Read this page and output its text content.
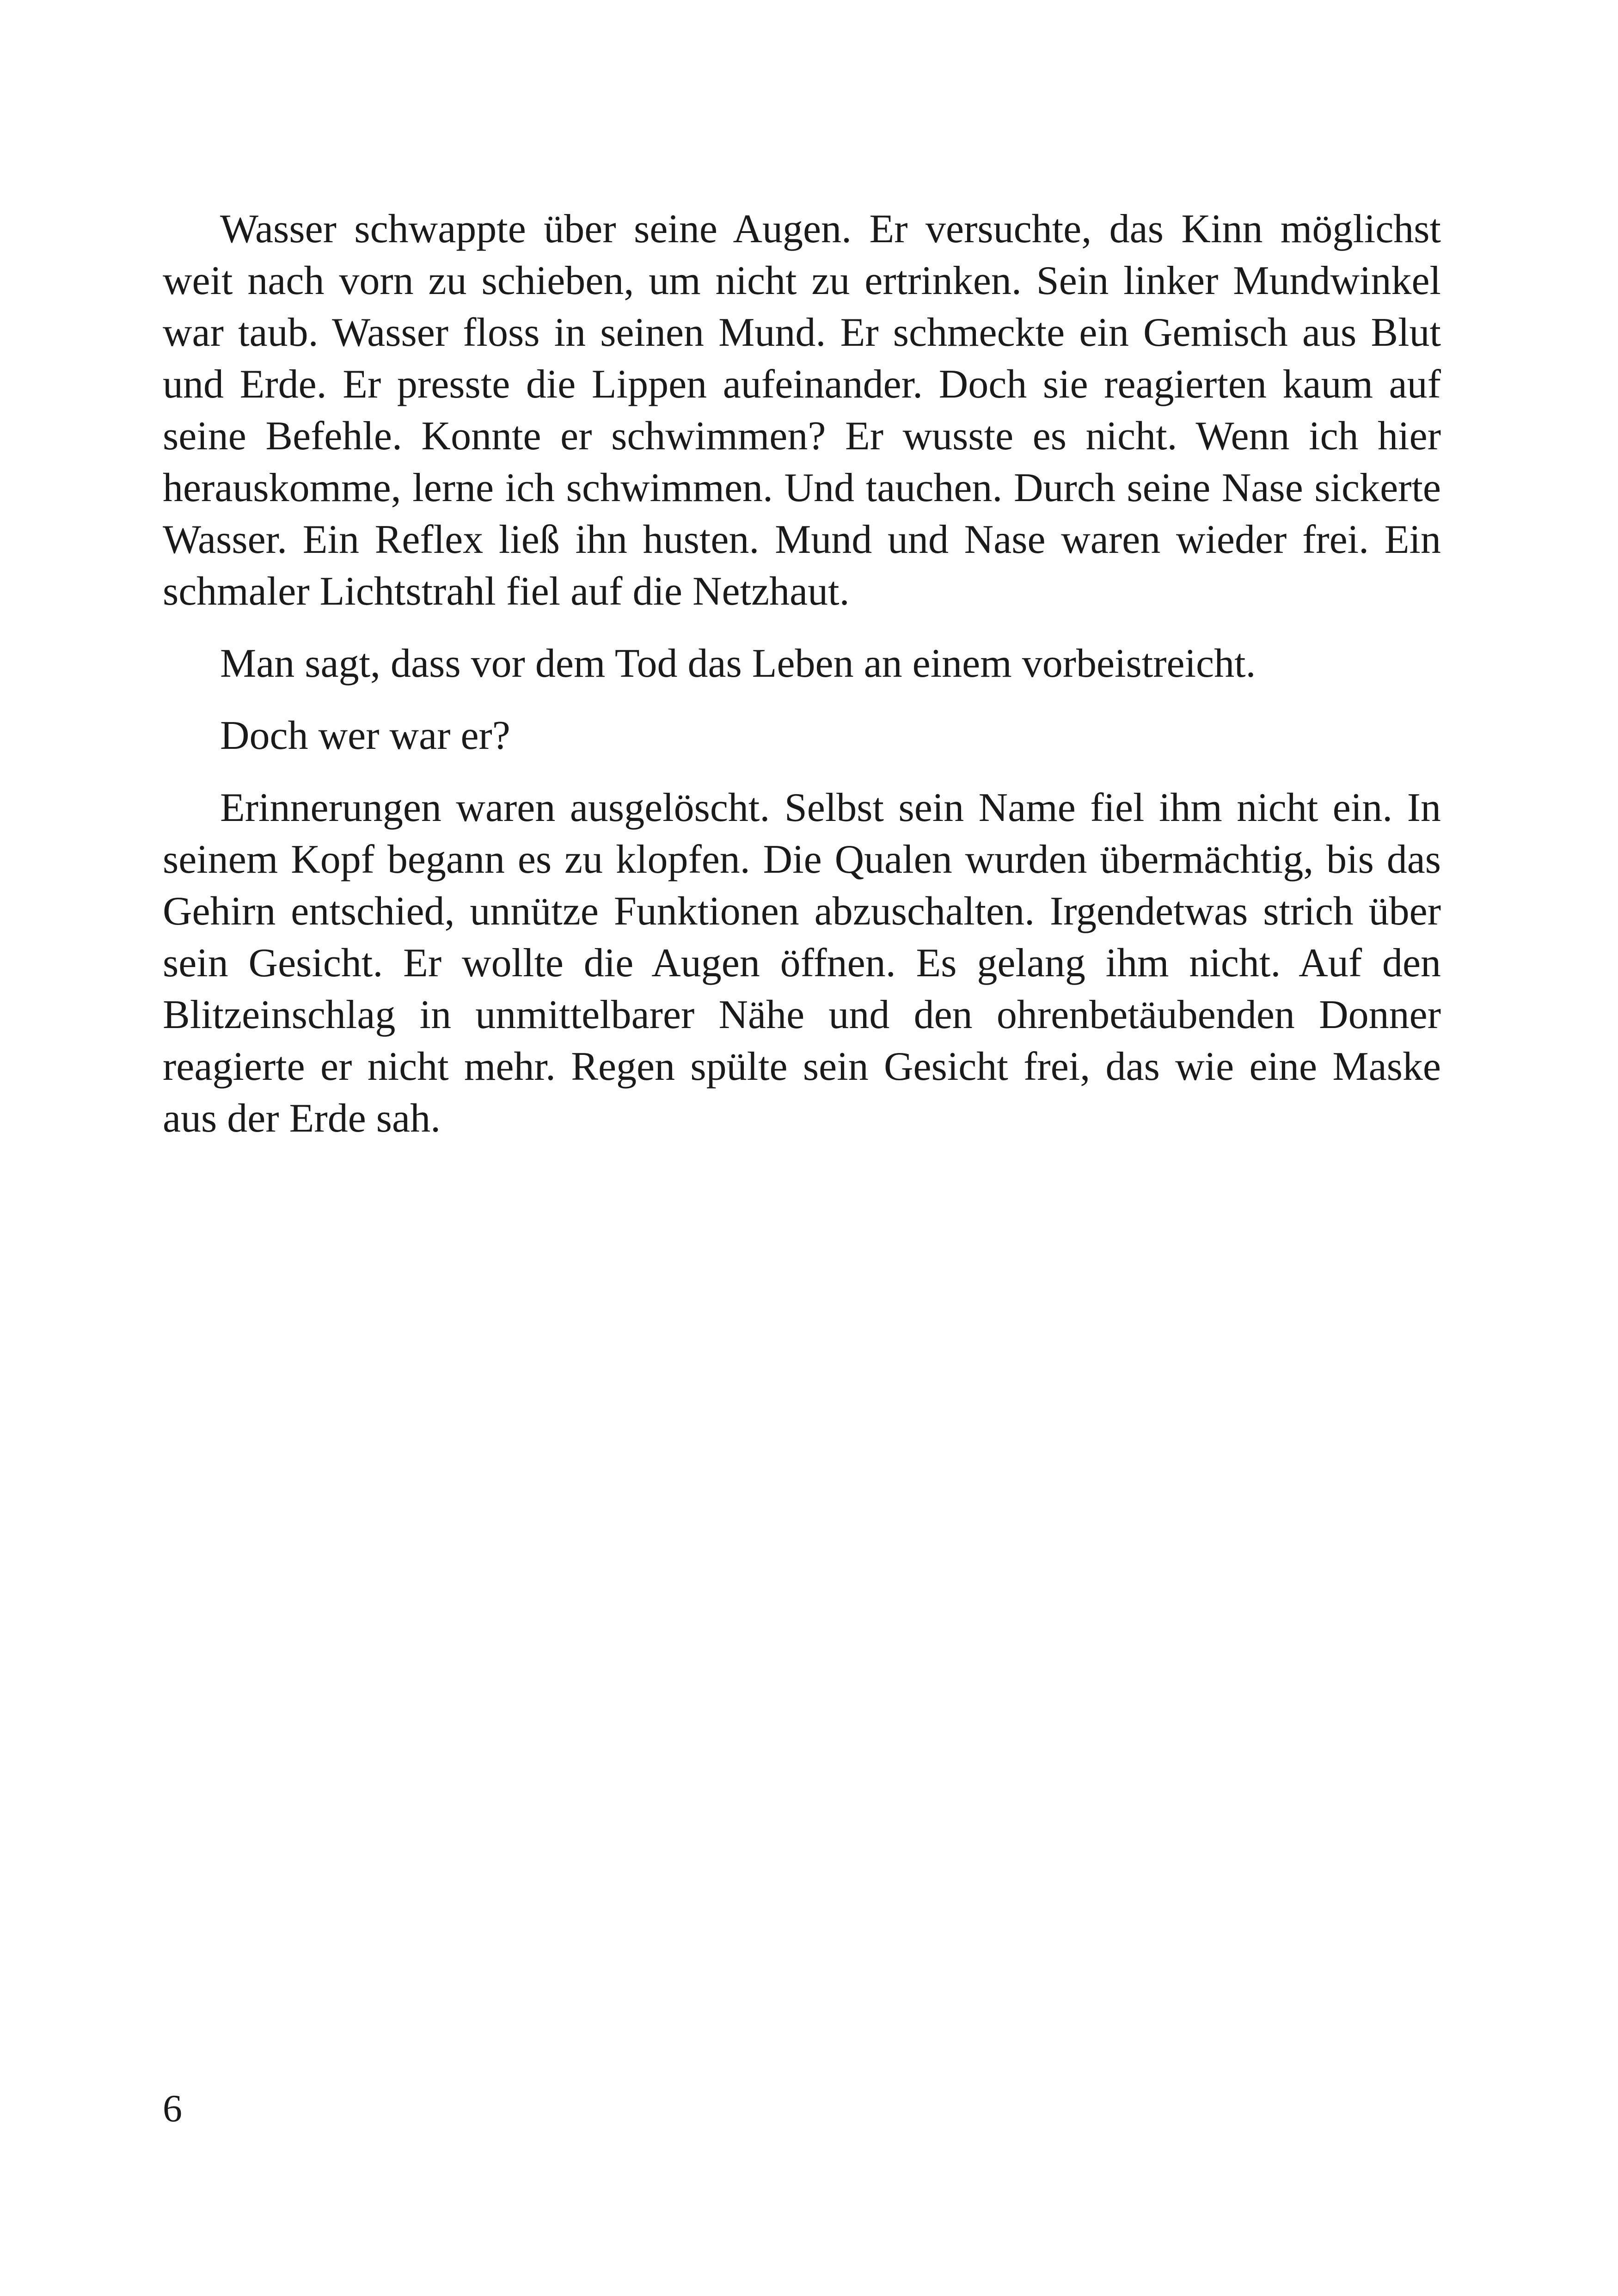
Wasser schwappte über seine Augen. Er versuchte, das Kinn möglichst weit nach vorn zu schieben, um nicht zu ertrinken. Sein linker Mundwinkel war taub. Wasser floss in seinen Mund. Er schmeckte ein Gemisch aus Blut und Erde. Er presste die Lippen aufeinander. Doch sie reagierten kaum auf seine Befehle. Konnte er schwimmen? Er wusste es nicht. Wenn ich hier herauskomme, lerne ich schwimmen. Und tauchen. Durch seine Nase sickerte Wasser. Ein Reflex ließ ihn husten. Mund und Nase waren wieder frei. Ein schmaler Lichtstrahl fiel auf die Netzhaut.

Man sagt, dass vor dem Tod das Leben an einem vorbeistreicht.

Doch wer war er?

Erinnerungen waren ausgelöscht. Selbst sein Name fiel ihm nicht ein. In seinem Kopf begann es zu klopfen. Die Qualen wurden übermächtig, bis das Gehirn entschied, unnütze Funktionen abzuschalten. Irgendetwas strich über sein Gesicht. Er wollte die Augen öffnen. Es gelang ihm nicht. Auf den Blitzeinschlag in unmittelbarer Nähe und den ohrenbetäubenden Donner reagierte er nicht mehr. Regen spülte sein Gesicht frei, das wie eine Maske aus der Erde sah.

6
